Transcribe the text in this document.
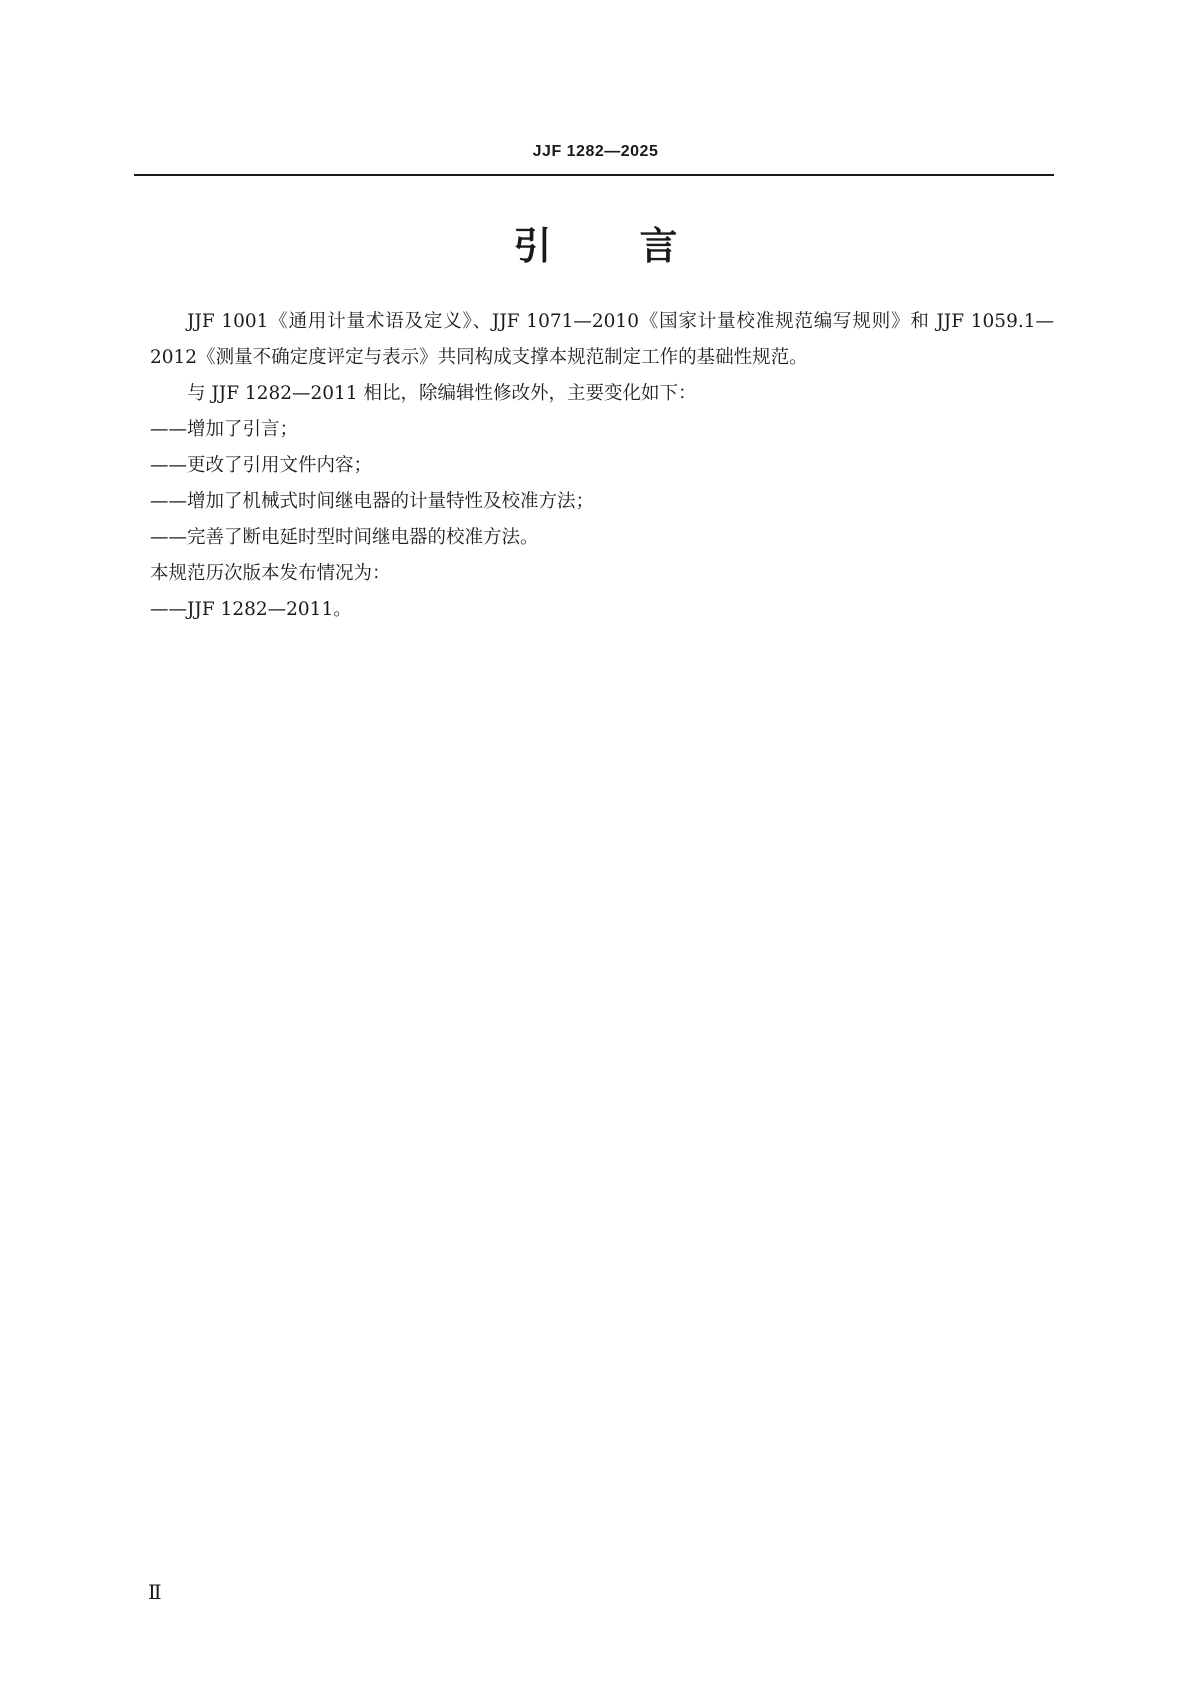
JJF 1282—2025
引言

JJF 1001《通用计量术语及定义》、JJF 1071—2010《国家计量校准规范编写规则》和 JJF 1059.1—2012《测量不确定度评定与表示》共同构成支撑本规范制定工作的基础性规范。

与 JJF 1282—2011 相比，除编辑性修改外，主要变化如下：

——增加了引言；

——更改了引用文件内容；

——增加了机械式时间继电器的计量特性及校准方法；

——完善了断电延时型时间继电器的校准方法。

本规范历次版本发布情况为：

——JJF 1282—2011。

Ⅱ
